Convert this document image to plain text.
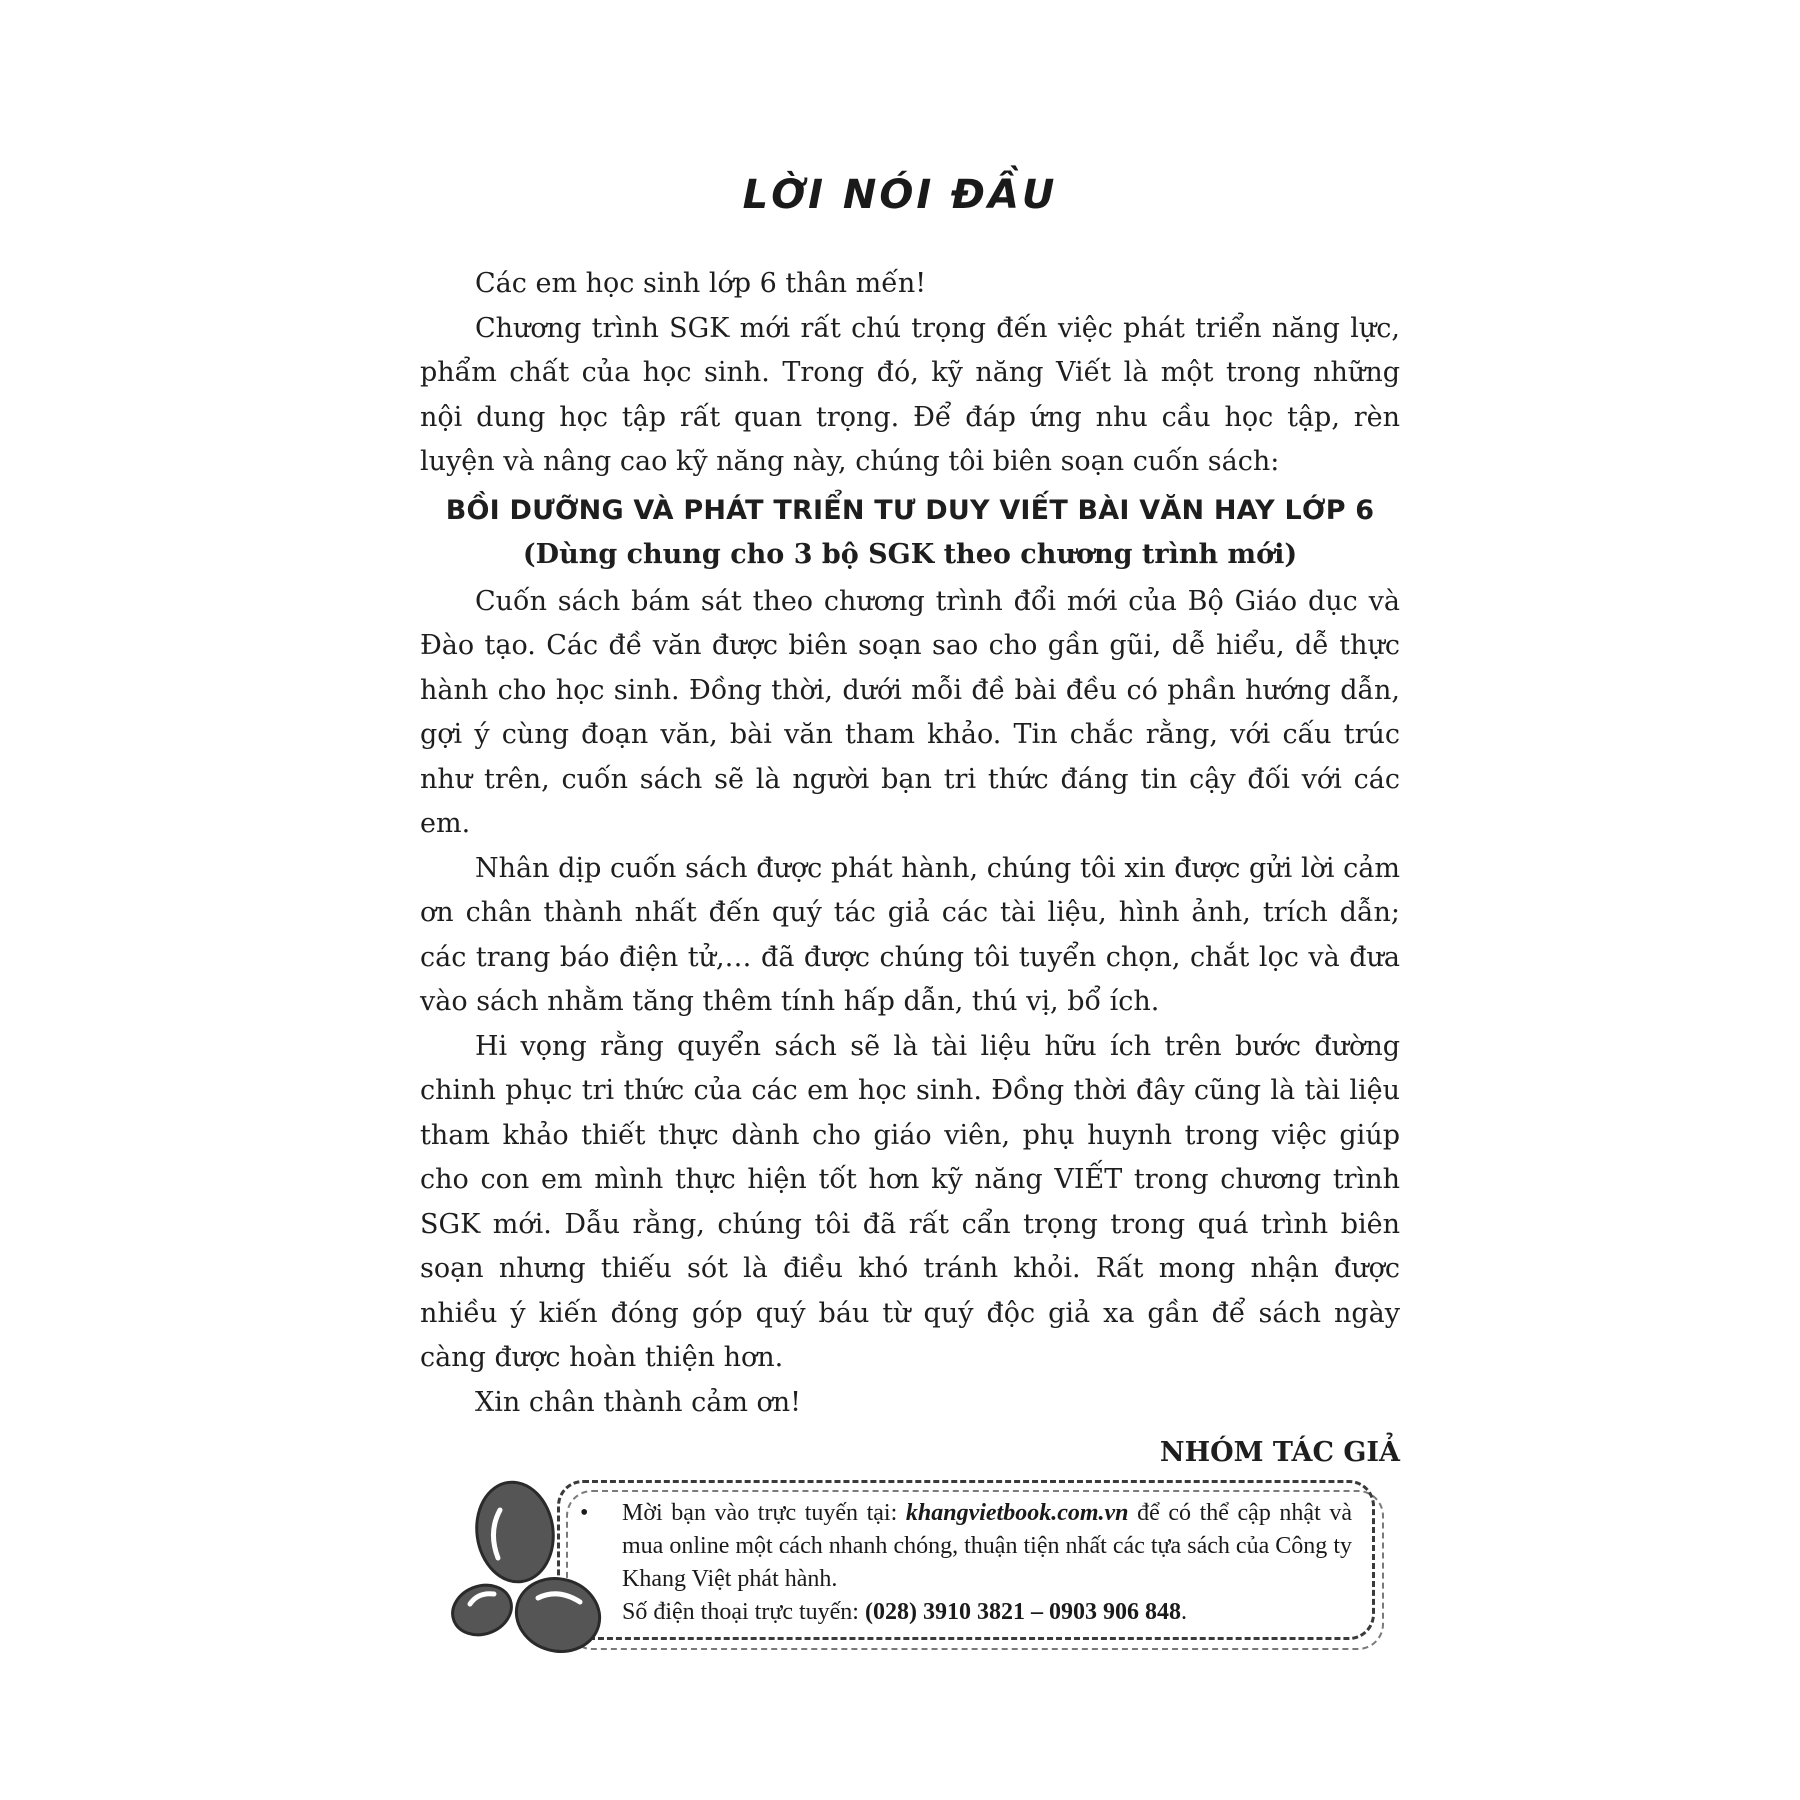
LỜI NÓI ĐẦU

Các em học sinh lớp 6 thân mến!

Chương trình SGK mới rất chú trọng đến việc phát triển năng lực, phẩm chất của học sinh. Trong đó, kỹ năng Viết là một trong những nội dung học tập rất quan trọng. Để đáp ứng nhu cầu học tập, rèn luyện và nâng cao kỹ năng này, chúng tôi biên soạn cuốn sách:

BỒI DƯỠNG VÀ PHÁT TRIỂN TƯ DUY VIẾT BÀI VĂN HAY LỚP 6

(Dùng chung cho 3 bộ SGK theo chương trình mới)

Cuốn sách bám sát theo chương trình đổi mới của Bộ Giáo dục và Đào tạo. Các đề văn được biên soạn sao cho gần gũi, dễ hiểu, dễ thực hành cho học sinh. Đồng thời, dưới mỗi đề bài đều có phần hướng dẫn, gợi ý cùng đoạn văn, bài văn tham khảo. Tin chắc rằng, với cấu trúc như trên, cuốn sách sẽ là người bạn tri thức đáng tin cậy đối với các em.

Nhân dịp cuốn sách được phát hành, chúng tôi xin được gửi lời cảm ơn chân thành nhất đến quý tác giả các tài liệu, hình ảnh, trích dẫn; các trang báo điện tử,… đã được chúng tôi tuyển chọn, chắt lọc và đưa vào sách nhằm tăng thêm tính hấp dẫn, thú vị, bổ ích.

Hi vọng rằng quyển sách sẽ là tài liệu hữu ích trên bước đường chinh phục tri thức của các em học sinh. Đồng thời đây cũng là tài liệu tham khảo thiết thực dành cho giáo viên, phụ huynh trong việc giúp cho con em mình thực hiện tốt hơn kỹ năng VIẾT trong chương trình SGK mới. Dẫu rằng, chúng tôi đã rất cẩn trọng trong quá trình biên soạn nhưng thiếu sót là điều khó tránh khỏi. Rất mong nhận được nhiều ý kiến đóng góp quý báu từ quý độc giả xa gần để sách ngày càng được hoàn thiện hơn.

Xin chân thành cảm ơn!

NHÓM TÁC GIẢ

• Mời bạn vào trực tuyến tại: khangvietbook.com.vn để có thể cập nhật và mua online một cách nhanh chóng, thuận tiện nhất các tựa sách của Công ty Khang Việt phát hành.
• Số điện thoại trực tuyến: (028) 3910 3821 – 0903 906 848.
